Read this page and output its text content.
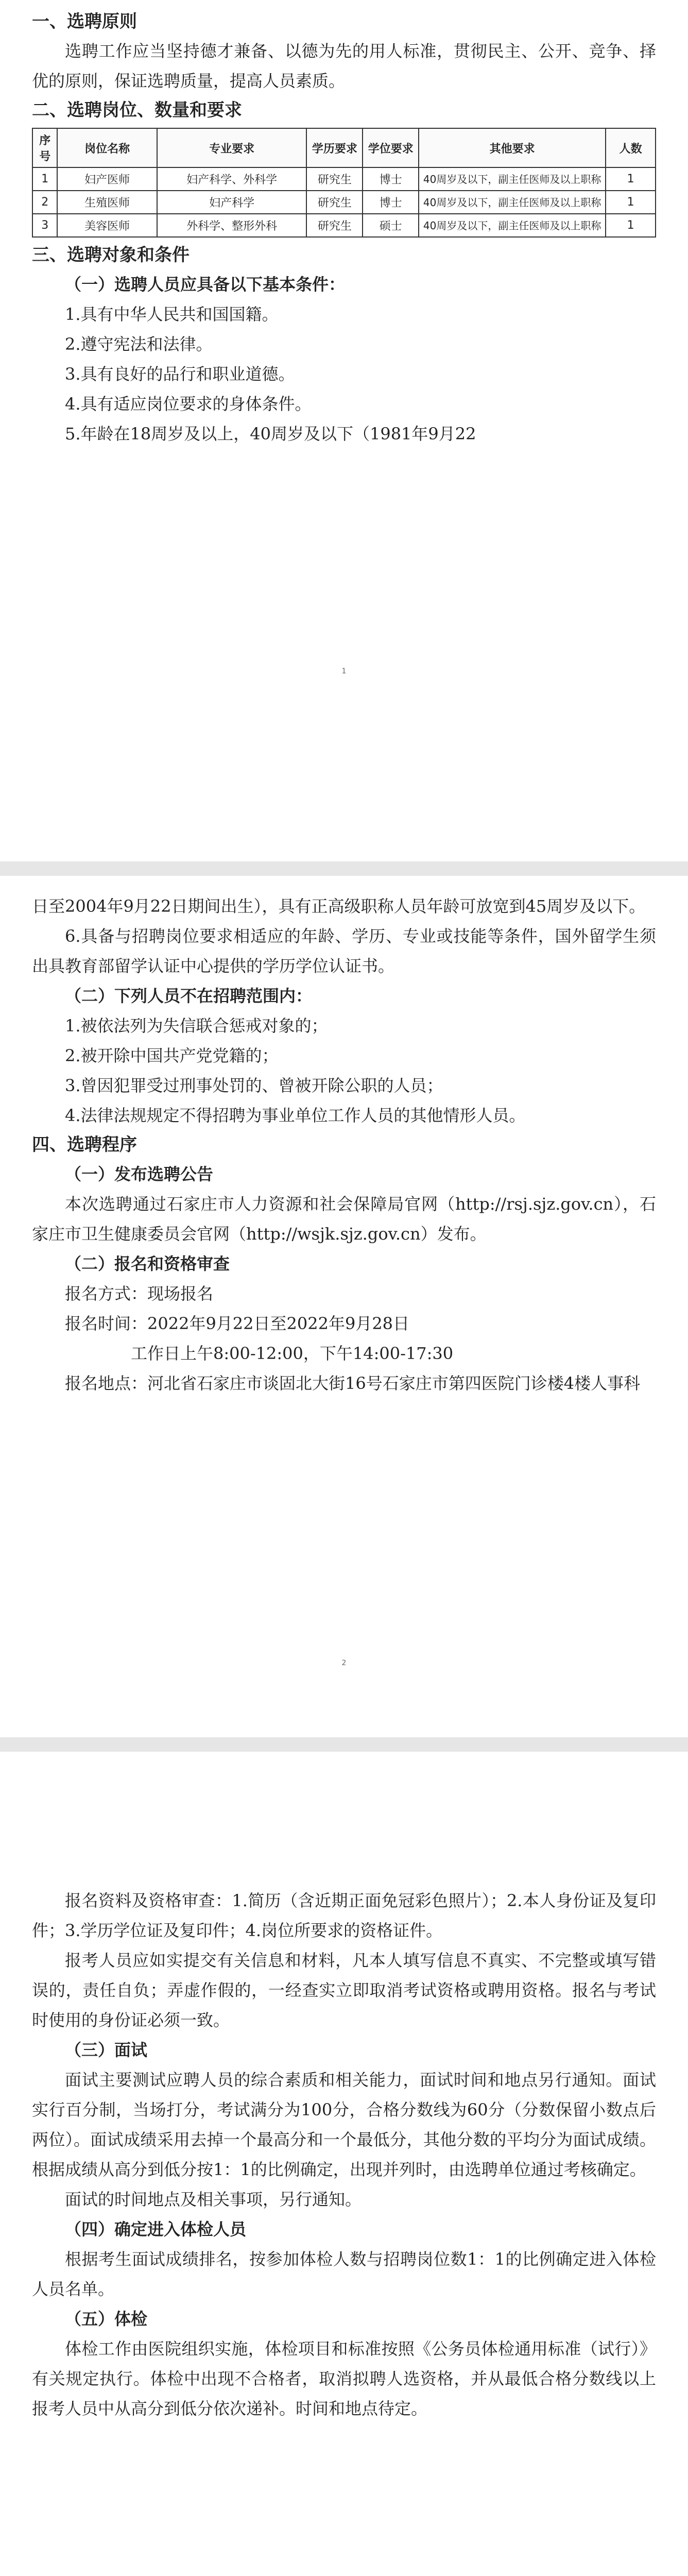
一、选聘原则

选聘工作应当坚持德才兼备、以德为先的用人标准，贯彻民主、公开、竞争、择优的原则，保证选聘质量，提高人员素质。

二、选聘岗位、数量和要求
序号	岗位名称	专业要求	学历要求	学位要求	其他要求	人数
1	妇产医师	妇产科学、外科学	研究生	博士	40周岁及以下，副主任医师及以上职称	1
2	生殖医师	妇产科学	研究生	博士	40周岁及以下，副主任医师及以上职称	1
3	美容医师	外科学、整形外科	研究生	硕士	40周岁及以下，副主任医师及以上职称	1
三、选聘对象和条件
（一）选聘人员应具备以下基本条件：

1.具有中华人民共和国国籍。

2.遵守宪法和法律。

3.具有良好的品行和职业道德。

4.具有适应岗位要求的身体条件。

5.年龄在18周岁及以上，40周岁及以下（1981年9月22

1

日至2004年9月22日期间出生），具有正高级职称人员年龄可放宽到45周岁及以下。

6.具备与招聘岗位要求相适应的年龄、学历、专业或技能等条件，国外留学生须出具教育部留学认证中心提供的学历学位认证书。

（二）下列人员不在招聘范围内：

1.被依法列为失信联合惩戒对象的；

2.被开除中国共产党党籍的；

3.曾因犯罪受过刑事处罚的、曾被开除公职的人员；

4.法律法规规定不得招聘为事业单位工作人员的其他情形人员。

四、选聘程序
（一）发布选聘公告

本次选聘通过石家庄市人力资源和社会保障局官网（http://rsj.sjz.gov.cn），石家庄市卫生健康委员会官网（http://wsjk.sjz.gov.cn）发布。

（二）报名和资格审查

报名方式：现场报名

报名时间：2022年9月22日至2022年9月28日

工作日上午8:00-12:00，下午14:00-17:30

报名地点：河北省石家庄市谈固北大街16号石家庄市第四医院门诊楼4楼人事科

2

报名资料及资格审查：1.简历（含近期正面免冠彩色照片）；2.本人身份证及复印件；3.学历学位证及复印件；4.岗位所要求的资格证件。

报考人员应如实提交有关信息和材料，凡本人填写信息不真实、不完整或填写错误的，责任自负；弄虚作假的，一经查实立即取消考试资格或聘用资格。报名与考试时使用的身份证必须一致。

（三）面试

面试主要测试应聘人员的综合素质和相关能力，面试时间和地点另行通知。面试实行百分制，当场打分，考试满分为100分，合格分数线为60分（分数保留小数点后两位）。面试成绩采用去掉一个最高分和一个最低分，其他分数的平均分为面试成绩。根据成绩从高分到低分按1：1的比例确定，出现并列时，由选聘单位通过考核确定。

面试的时间地点及相关事项，另行通知。

（四）确定进入体检人员

根据考生面试成绩排名，按参加体检人数与招聘岗位数1：1的比例确定进入体检人员名单。

（五）体检

体检工作由医院组织实施，体检项目和标准按照《公务员体检通用标准（试行）》有关规定执行。体检中出现不合格者，取消拟聘人选资格，并从最低合格分数线以上报考人员中从高分到低分依次递补。时间和地点待定。
